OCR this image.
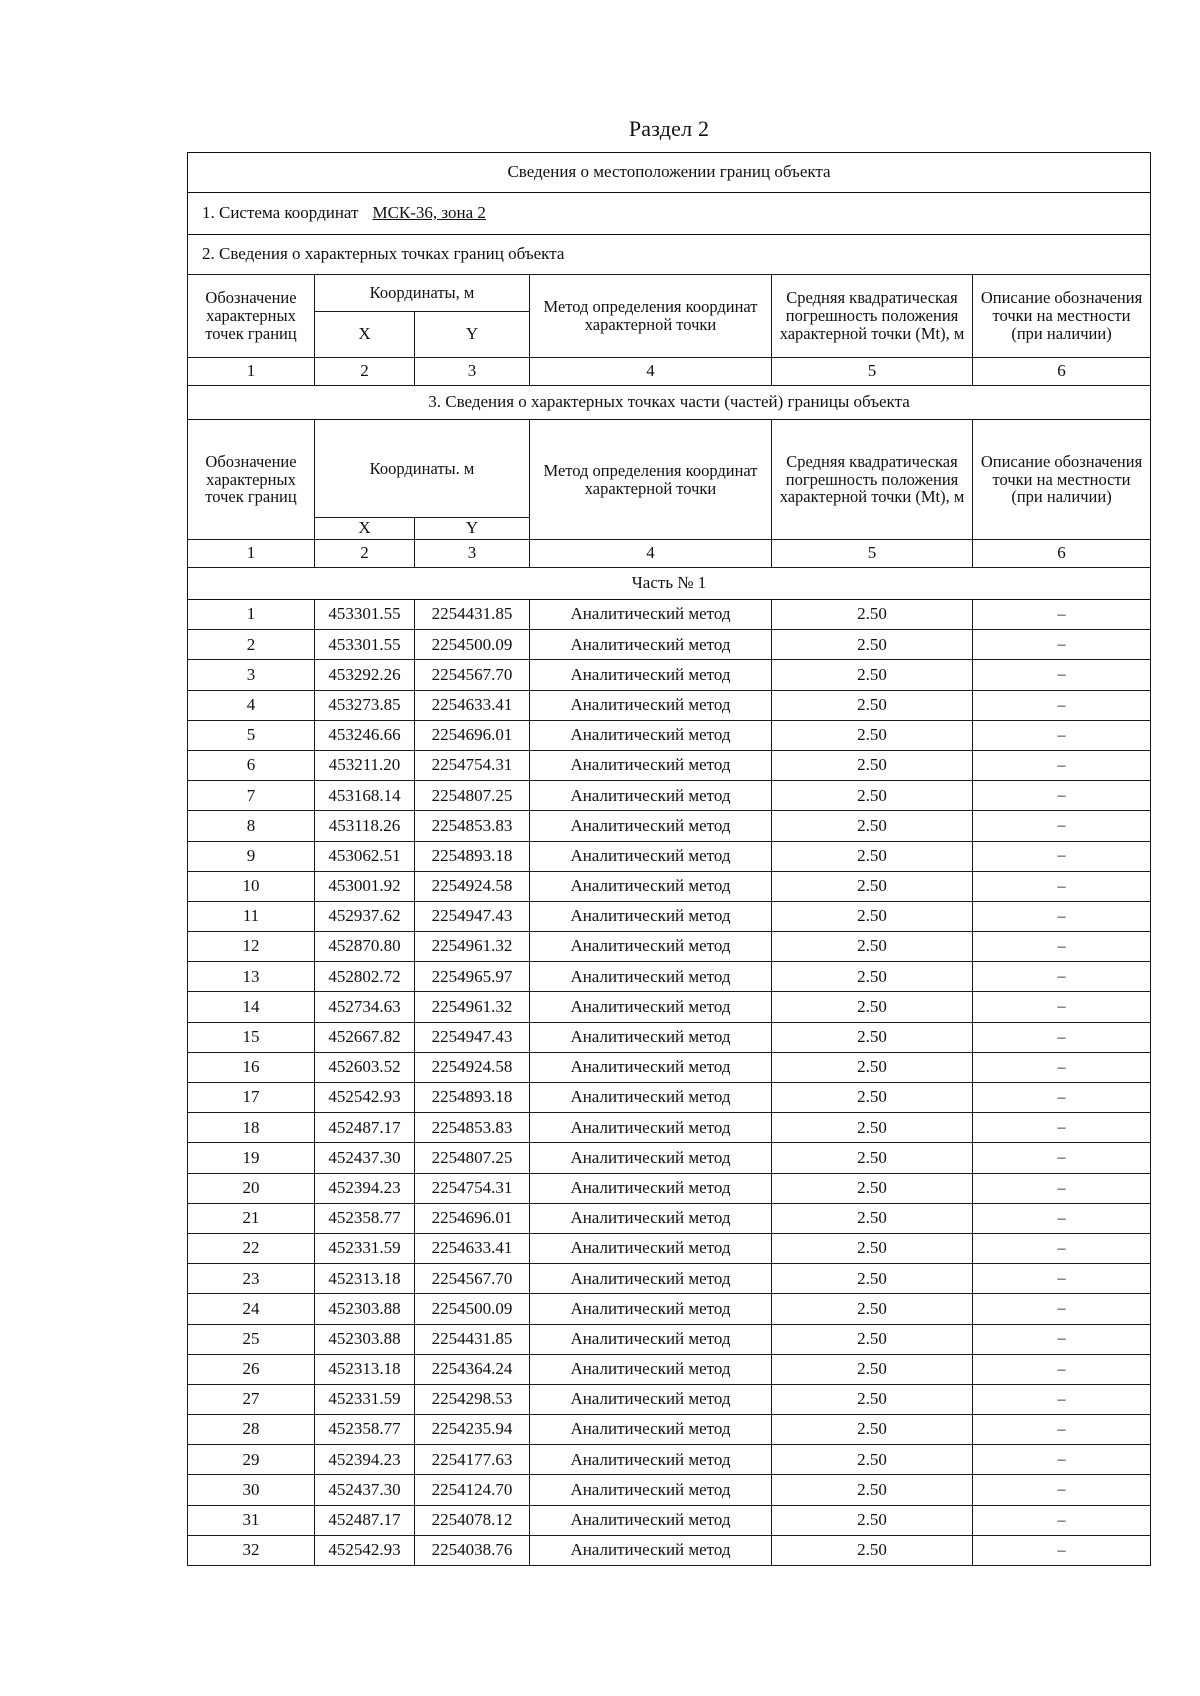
Раздел 2
Сведения о местоположении границ объекта					
1. Система координат МСК-36, зона 2					
2. Сведения о характерных точках границ объекта					
Обозначение характерных точек границ	Координаты, м		Метод определения координат характерной точки	Средняя квадратическая погрешность положения характерной точки (Mt), м	Описание обозначения точки на местности (при наличии)
	X	Y			
1	2	3	4	5	6
3. Сведения о характерных точках части (частей) границы объекта					
Обозначение характерных точек границ	Координаты. м		Метод определения координат характерной точки	Средняя квадратическая погрешность положения характерной точки (Mt), м	Описание обозначения точки на местности (при наличии)
	X	Y			
1	2	3	4	5	6
Часть № 1					
1	453301.55	2254431.85	Аналитический метод	2.50	–
2	453301.55	2254500.09	Аналитический метод	2.50	–
3	453292.26	2254567.70	Аналитический метод	2.50	–
4	453273.85	2254633.41	Аналитический метод	2.50	–
5	453246.66	2254696.01	Аналитический метод	2.50	–
6	453211.20	2254754.31	Аналитический метод	2.50	–
7	453168.14	2254807.25	Аналитический метод	2.50	–
8	453118.26	2254853.83	Аналитический метод	2.50	–
9	453062.51	2254893.18	Аналитический метод	2.50	–
10	453001.92	2254924.58	Аналитический метод	2.50	–
11	452937.62	2254947.43	Аналитический метод	2.50	–
12	452870.80	2254961.32	Аналитический метод	2.50	–
13	452802.72	2254965.97	Аналитический метод	2.50	–
14	452734.63	2254961.32	Аналитический метод	2.50	–
15	452667.82	2254947.43	Аналитический метод	2.50	–
16	452603.52	2254924.58	Аналитический метод	2.50	–
17	452542.93	2254893.18	Аналитический метод	2.50	–
18	452487.17	2254853.83	Аналитический метод	2.50	–
19	452437.30	2254807.25	Аналитический метод	2.50	–
20	452394.23	2254754.31	Аналитический метод	2.50	–
21	452358.77	2254696.01	Аналитический метод	2.50	–
22	452331.59	2254633.41	Аналитический метод	2.50	–
23	452313.18	2254567.70	Аналитический метод	2.50	–
24	452303.88	2254500.09	Аналитический метод	2.50	–
25	452303.88	2254431.85	Аналитический метод	2.50	–
26	452313.18	2254364.24	Аналитический метод	2.50	–
27	452331.59	2254298.53	Аналитический метод	2.50	–
28	452358.77	2254235.94	Аналитический метод	2.50	–
29	452394.23	2254177.63	Аналитический метод	2.50	–
30	452437.30	2254124.70	Аналитический метод	2.50	–
31	452487.17	2254078.12	Аналитический метод	2.50	–
32	452542.93	2254038.76	Аналитический метод	2.50	–
